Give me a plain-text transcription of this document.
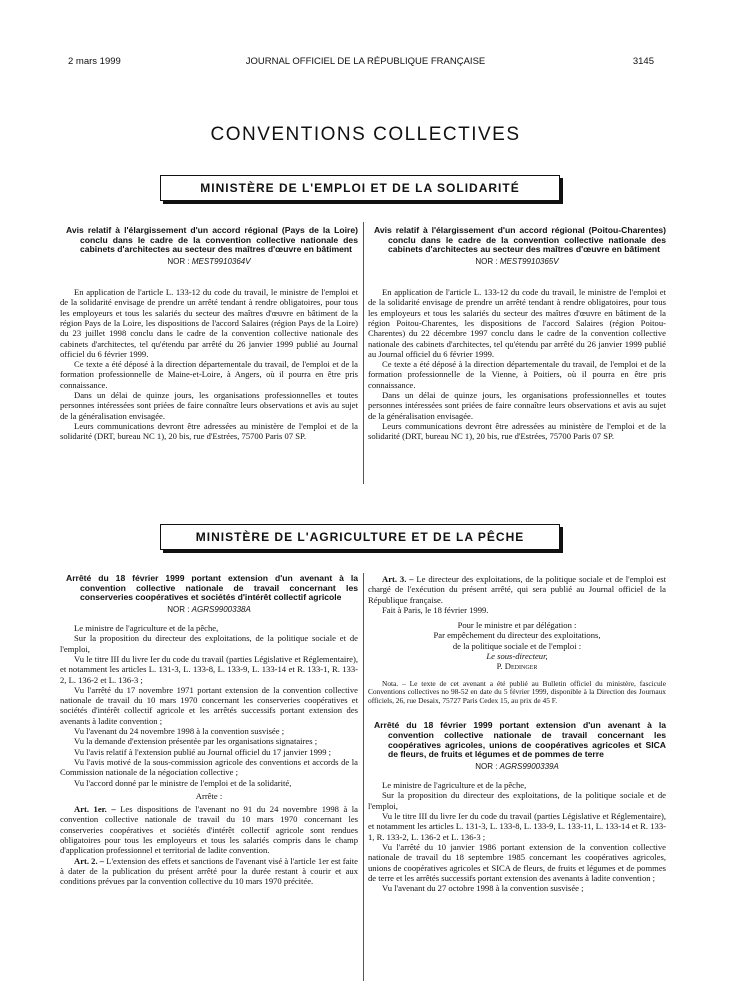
2 mars 1999	JOURNAL OFFICIEL DE LA RÉPUBLIQUE FRANÇAISE	3145
CONVENTIONS COLLECTIVES
MINISTÈRE DE L'EMPLOI ET DE LA SOLIDARITÉ

Avis relatif à l'élargissement d'un accord régional (Pays de la Loire) conclu dans le cadre de la convention collective nationale des cabinets d'architectes au secteur des maîtres d'œuvre en bâtiment

NOR : MEST9910364V

En application de l'article L. 133-12 du code du travail, le ministre de l'emploi et de la solidarité envisage de prendre un arrêté tendant à rendre obligatoires, pour tous les employeurs et tous les salariés du secteur des maîtres d'œuvre en bâtiment de la région Pays de la Loire, les dispositions de l'accord Salaires (région Pays de la Loire) du 23 juillet 1998 conclu dans le cadre de la convention collective nationale des cabinets d'architectes, tel qu'étendu par arrêté du 26 janvier 1999 publié au Journal officiel du 6 février 1999.

Ce texte a été déposé à la direction départementale du travail, de l'emploi et de la formation professionnelle de Maine-et-Loire, à Angers, où il pourra en être pris connaissance.

Dans un délai de quinze jours, les organisations professionnelles et toutes personnes intéressées sont priées de faire connaître leurs observations et avis au sujet de la généralisation envisagée.

Leurs communications devront être adressées au ministère de l'emploi et de la solidarité (DRT, bureau NC 1), 20 bis, rue d'Estrées, 75700 Paris 07 SP.

Avis relatif à l'élargissement d'un accord régional (Poitou-Charentes) conclu dans le cadre de la convention collective nationale des cabinets d'architectes au secteur des maîtres d'œuvre en bâtiment

NOR : MEST9910365V

En application de l'article L. 133-12 du code du travail, le ministre de l'emploi et de la solidarité envisage de prendre un arrêté tendant à rendre obligatoires, pour tous les employeurs et tous les salariés du secteur des maîtres d'œuvre en bâtiment de la région Poitou-Charentes, les dispositions de l'accord Salaires (région Poitou-Charentes) du 22 décembre 1997 conclu dans le cadre de la convention collective nationale des cabinets d'architectes, tel qu'étendu par arrêté du 26 janvier 1999 publié au Journal officiel du 6 février 1999.

Ce texte a été déposé à la direction départementale du travail, de l'emploi et de la formation professionnelle de la Vienne, à Poitiers, où il pourra en être pris connaissance.

Dans un délai de quinze jours, les organisations professionnelles et toutes personnes intéressées sont priées de faire connaître leurs observations et avis au sujet de la généralisation envisagée.

Leurs communications devront être adressées au ministère de l'emploi et de la solidarité (DRT, bureau NC 1), 20 bis, rue d'Estrées, 75700 Paris 07 SP.

MINISTÈRE DE L'AGRICULTURE ET DE LA PÊCHE

Arrêté du 18 février 1999 portant extension d'un avenant à la convention collective nationale de travail concernant les conserveries coopératives et sociétés d'intérêt collectif agricole

NOR : AGRS9900338A

Le ministre de l'agriculture et de la pêche,

Sur la proposition du directeur des exploitations, de la politique sociale et de l'emploi,

Vu le titre III du livre Ier du code du travail (parties Législative et Réglementaire), et notamment les articles L. 131-3, L. 133-8, L. 133-9, L. 133-14 et R. 133-1, R. 133-2, L. 136-2 et L. 136-3 ;

Vu l'arrêté du 17 novembre 1971 portant extension de la convention collective nationale de travail du 10 mars 1970 concernant les conserveries coopératives et sociétés d'intérêt collectif agricole et les arrêtés successifs portant extension des avenants à ladite convention ;

Vu l'avenant du 24 novembre 1998 à la convention susvisée ;

Vu la demande d'extension présentée par les organisations signataires ;

Vu l'avis relatif à l'extension publié au Journal officiel du 17 janvier 1999 ;

Vu l'avis motivé de la sous-commission agricole des conventions et accords de la Commission nationale de la négociation collective ;

Vu l'accord donné par le ministre de l'emploi et de la solidarité,

Arrête :

Art. 1er. – Les dispositions de l'avenant no 91 du 24 novembre 1998 à la convention collective nationale de travail du 10 mars 1970 concernant les conserveries coopératives et sociétés d'intérêt collectif agricole sont rendues obligatoires pour tous les employeurs et tous les salariés compris dans le champ d'application professionnel et territorial de ladite convention.

Art. 2. – L'extension des effets et sanctions de l'avenant visé à l'article 1er est faite à dater de la publication du présent arrêté pour la durée restant à courir et aux conditions prévues par la convention collective du 10 mars 1970 précitée.

Art. 3. – Le directeur des exploitations, de la politique sociale et de l'emploi est chargé de l'exécution du présent arrêté, qui sera publié au Journal officiel de la République française.

Fait à Paris, le 18 février 1999.

Pour le ministre et par délégation :

Par empêchement du directeur des exploitations,

de la politique sociale et de l'emploi :

Le sous-directeur,

P. Dedinger

Nota. – Le texte de cet avenant a été publié au Bulletin officiel du ministère, fascicule Conventions collectives no 98-52 en date du 5 février 1999, disponible à la Direction des Journaux officiels, 26, rue Desaix, 75727 Paris Cedex 15, au prix de 45 F.

Arrêté du 18 février 1999 portant extension d'un avenant à la convention collective nationale de travail concernant les coopératives agricoles, unions de coopératives agricoles et SICA de fleurs, de fruits et légumes et de pommes de terre

NOR : AGRS9900339A

Le ministre de l'agriculture et de la pêche,

Sur la proposition du directeur des exploitations, de la politique sociale et de l'emploi,

Vu le titre III du livre Ier du code du travail (parties Législative et Réglementaire), et notamment les articles L. 131-3, L. 133-8, L. 133-9, L. 133-11, L. 133-14 et R. 133-1, R. 133-2, L. 136-2 et L. 136-3 ;

Vu l'arrêté du 10 janvier 1986 portant extension de la convention collective nationale de travail du 18 septembre 1985 concernant les coopératives agricoles, unions de coopératives agricoles et SICA de fleurs, de fruits et légumes et de pommes de terre et les arrêtés successifs portant extension des avenants à ladite convention ;

Vu l'avenant du 27 octobre 1998 à la convention susvisée ;
